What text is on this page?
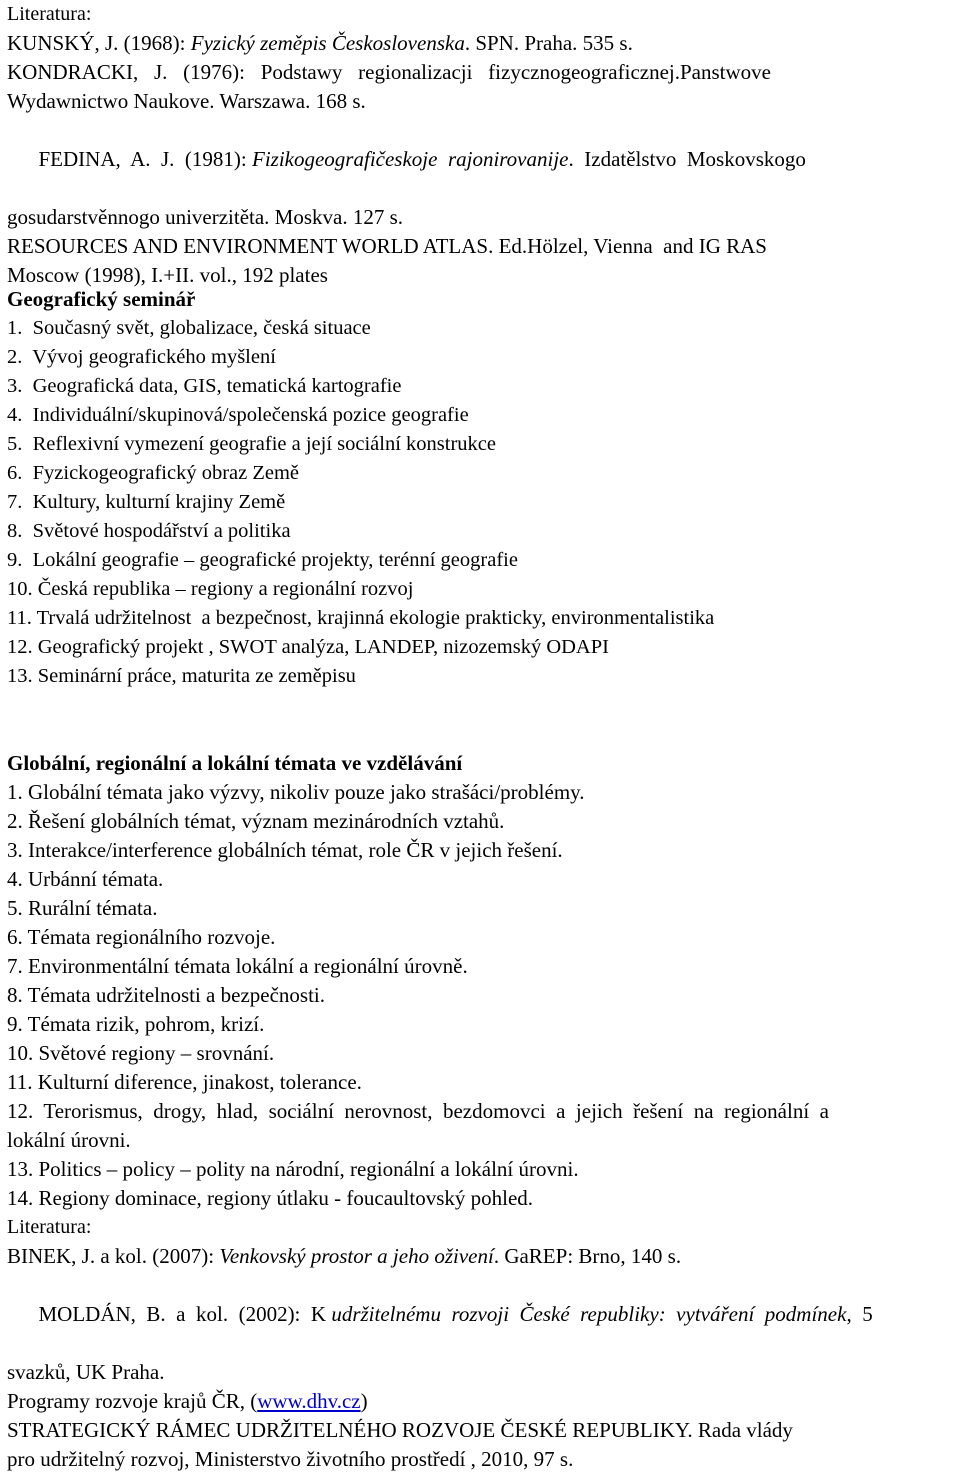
Literatura:
KUNSKÝ, J. (1968): Fyzický zeměpis Československa. SPN. Praha. 535 s.
KONDRACKI,   J.   (1976):   Podstawy   regionalizacji   fizycznogeograficznej.Panstwove
Wydawnictwo Naukove. Warszawa. 168 s.

FEDINA,  A.  J.  (1981): Fizikogeografičeskoje  rajonirovanije.  Izdatělstvo  Moskovskogo

gosudarstvěnnogo univerzitěta. Moskva. 127 s.
RESOURCES AND ENVIRONMENT WORLD ATLAS. Ed.Hölzel, Vienna  and IG RAS
Moscow (1998), I.+II. vol., 192 plates
Geografický seminář
1.  Současný svět, globalizace, česká situace
2.  Vývoj geografického myšlení
3.  Geografická data, GIS, tematická kartografie
4.  Individuální/skupinová/společenská pozice geografie
5.  Reflexivní vymezení geografie a její sociální konstrukce
6.  Fyzickogeografický obraz Země
7.  Kultury, kulturní krajiny Země
8.  Světové hospodářství a politika
9.  Lokální geografie – geografické projekty, terénní geografie
10. Česká republika – regiony a regionální rozvoj
11. Trvalá udržitelnost  a bezpečnost, krajinná ekologie prakticky, environmentalistika
12. Geografický projekt , SWOT analýza, LANDEP, nizozemský ODAPI
13. Seminární práce, maturita ze zeměpisu
Globální, regionální a lokální témata ve vzdělávání
1. Globální témata jako výzvy, nikoliv pouze jako strašáci/problémy.
2. Řešení globálních témat, význam mezinárodních vztahů.
3. Interakce/interference globálních témat, role ČR v jejich řešení.
4. Urbánní témata.
5. Rurální témata.
6. Témata regionálního rozvoje.
7. Environmentální témata lokální a regionální úrovně.
8. Témata udržitelnosti a bezpečnosti.
9. Témata rizik, pohrom, krizí.
10. Světové regiony – srovnání.
11. Kulturní diference, jinakost, tolerance.
12.  Terorismus,  drogy,  hlad,  sociální  nerovnost,  bezdomovci  a  jejich  řešení  na  regionální  a
lokální úrovni.
13. Politics – policy – polity na národní, regionální a lokální úrovni.
14. Regiony dominace, regiony útlaku - foucaultovský pohled.
Literatura:
BINEK, J. a kol. (2007): Venkovský prostor a jeho oživení. GaREP: Brno, 140 s.

MOLDÁN,  B.  a  kol.  (2002):  K udržitelnému  rozvoji  České  republiky:  vytváření  podmínek,  5

svazků, UK Praha.
Programy rozvoje krajů ČR, (www.dhv.cz)
STRATEGICKÝ RÁMEC UDRŽITELNÉHO ROZVOJE ČESKÉ REPUBLIKY. Rada vlády
pro udržitelný rozvoj, Ministerstvo životního prostředí , 2010, 97 s.
